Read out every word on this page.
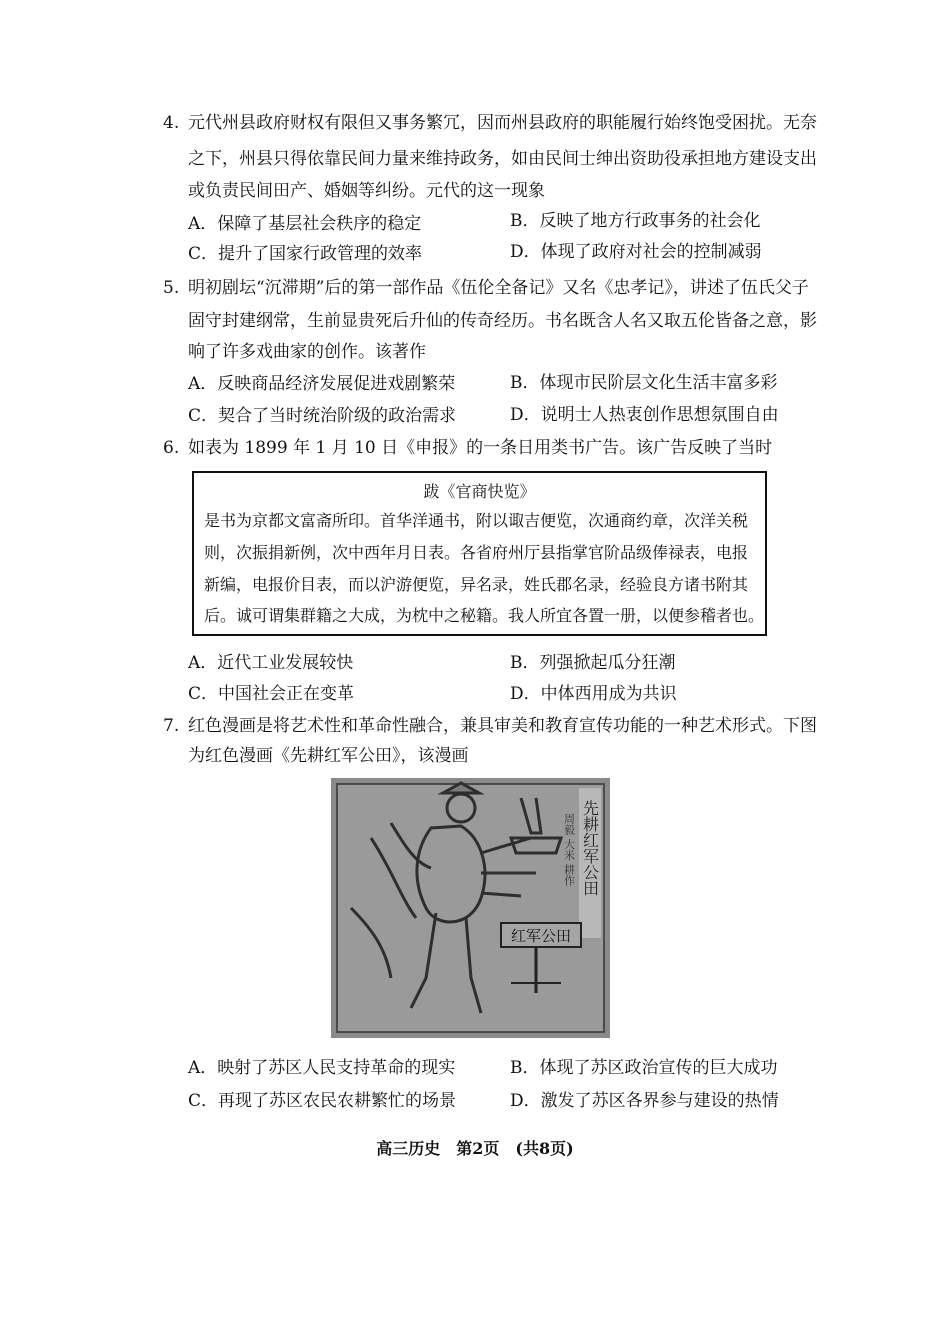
4. 元代州县政府财权有限但又事务繁冗，因而州县政府的职能履行始终饱受困扰。无奈
之下，州县只得依靠民间力量来维持政务，如由民间士绅出资助役承担地方建设支出
或负责民间田产、婚姻等纠纷。元代的这一现象
A．保障了基层社会秩序的稳定	B．反映了地方行政事务的社会化
C．提升了国家行政管理的效率	D．体现了政府对社会的控制减弱
5. 明初剧坛“沉滞期”后的第一部作品《伍伦全备记》又名《忠孝记》，讲述了伍氏父子
固守封建纲常，生前显贵死后升仙的传奇经历。书名既含人名又取五伦皆备之意，影
响了许多戏曲家的创作。该著作
A．反映商品经济发展促进戏剧繁荣	B．体现市民阶层文化生活丰富多彩
C．契合了当时统治阶级的政治需求	D．说明士人热衷创作思想氛围自由
6. 如表为 1899 年 1 月 10 日《申报》的一条日用类书广告。该广告反映了当时
跋《官商快览》
是书为京都文富斋所印。首华洋通书，附以诹吉便览，次通商约章，次洋关税
则，次振捐新例，次中西年月日表。各省府州厅县指掌官阶品级俸禄表，电报
新编，电报价目表，而以沪游便览，异名录，姓氏郡名录，经验良方诸书附其
后。诚可谓集群籍之大成，为枕中之秘籍。我人所宜各置一册，以便参稽者也。
A．近代工业发展较快	B．列强掀起瓜分狂潮
C．中国社会正在变革	D．中体西用成为共识
7. 红色漫画是将艺术性和革命性融合，兼具审美和教育宣传功能的一种艺术形式。下图
为红色漫画《先耕红军公田》，该漫画
先耕红军公田
周毅 大米 耕作
红军公田
A．映射了苏区人民支持革命的现实	B．体现了苏区政治宣传的巨大成功
C．再现了苏区农民农耕繁忙的场景	D．激发了苏区各界参与建设的热情
高三历史　第2页　(共8页)
